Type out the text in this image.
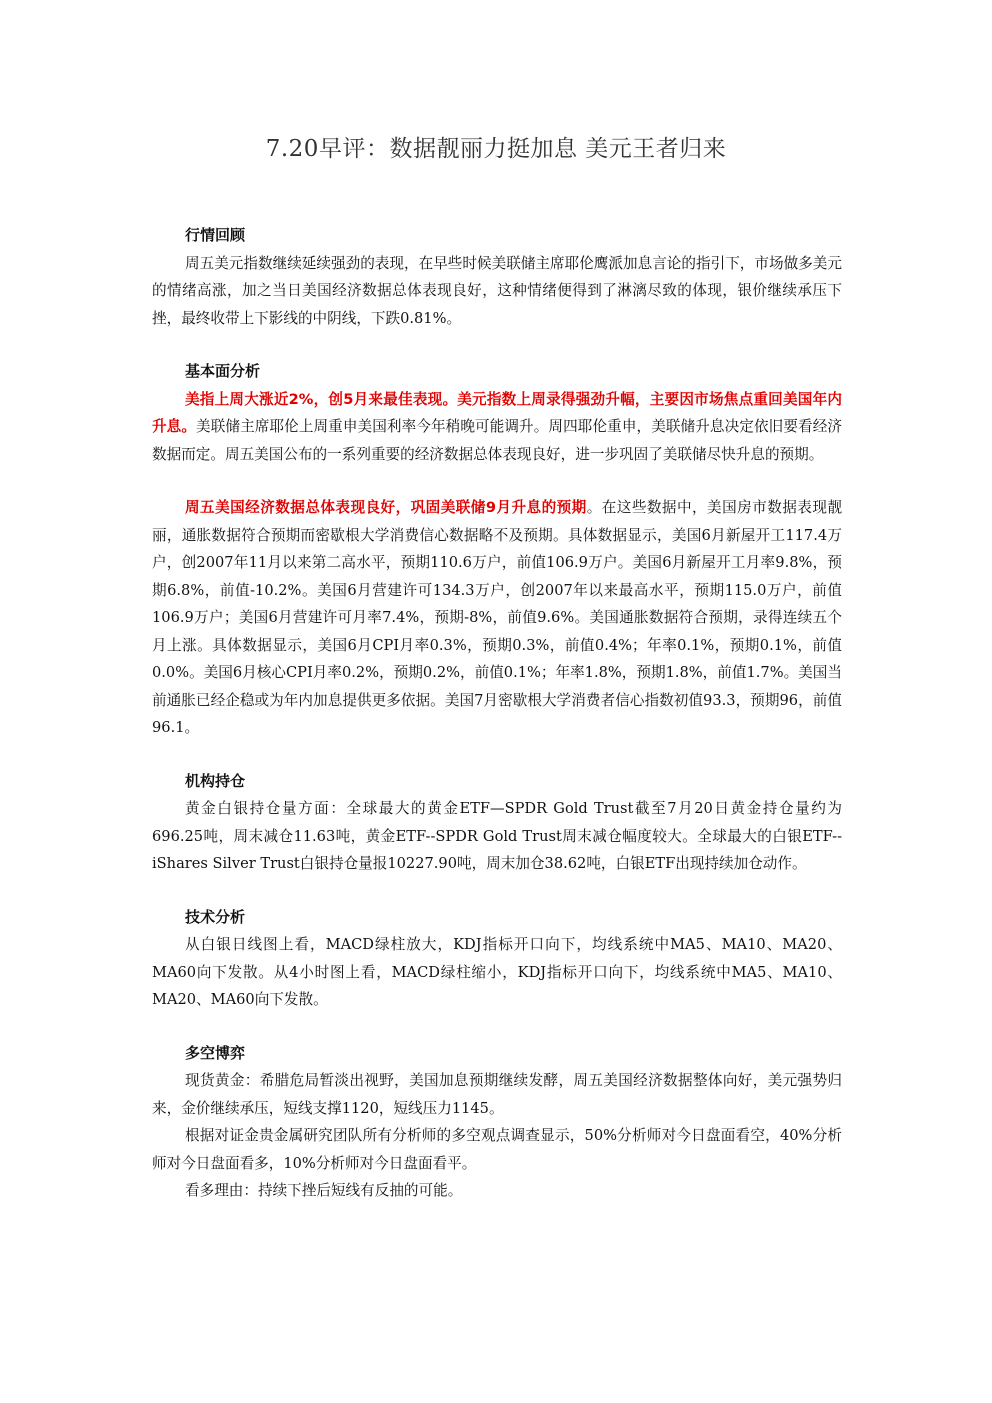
7.20早评：数据靓丽力挺加息 美元王者归来

行情回顾

周五美元指数继续延续强劲的表现，在早些时候美联储主席耶伦鹰派加息言论的指引下，市场做多美元的情绪高涨，加之当日美国经济数据总体表现良好，这种情绪便得到了淋漓尽致的体现，银价继续承压下挫，最终收带上下影线的中阴线，下跌0.81%。

基本面分析

美指上周大涨近2%，创5月来最佳表现。美元指数上周录得强劲升幅，主要因市场焦点重回美国年内升息。美联储主席耶伦上周重申美国利率今年稍晚可能调升。周四耶伦重申，美联储升息决定依旧要看经济数据而定。周五美国公布的一系列重要的经济数据总体表现良好，进一步巩固了美联储尽快升息的预期。

周五美国经济数据总体表现良好，巩固美联储9月升息的预期。在这些数据中，美国房市数据表现靓丽，通胀数据符合预期而密歇根大学消费信心数据略不及预期。具体数据显示，美国6月新屋开工117.4万户，创2007年11月以来第二高水平，预期110.6万户，前值106.9万户。美国6月新屋开工月率9.8%，预期6.8%，前值-10.2%。美国6月营建许可134.3万户，创2007年以来最高水平，预期115.0万户，前值106.9万户；美国6月营建许可月率7.4%，预期-8%，前值9.6%。美国通胀数据符合预期，录得连续五个月上涨。具体数据显示，美国6月CPI月率0.3%，预期0.3%，前值0.4%；年率0.1%，预期0.1%，前值0.0%。美国6月核心CPI月率0.2%，预期0.2%，前值0.1%；年率1.8%，预期1.8%，前值1.7%。美国当前通胀已经企稳或为年内加息提供更多依据。美国7月密歇根大学消费者信心指数初值93.3，预期96，前值96.1。

机构持仓

黄金白银持仓量方面：全球最大的黄金ETF—SPDR Gold Trust截至7月20日黄金持仓量约为696.25吨，周末减仓11.63吨，黄金ETF--SPDR Gold Trust周末减仓幅度较大。全球最大的白银ETF--iShares Silver Trust白银持仓量报10227.90吨，周末加仓38.62吨，白银ETF出现持续加仓动作。

技术分析

从白银日线图上看，MACD绿柱放大，KDJ指标开口向下，均线系统中MA5、MA10、MA20、MA60向下发散。从4小时图上看，MACD绿柱缩小，KDJ指标开口向下，均线系统中MA5、MA10、MA20、MA60向下发散。

多空博弈

现货黄金：希腊危局暂淡出视野，美国加息预期继续发酵，周五美国经济数据整体向好，美元强势归来，金价继续承压，短线支撑1120，短线压力1145。

根据对证金贵金属研究团队所有分析师的多空观点调查显示，50%分析师对今日盘面看空，40%分析师对今日盘面看多，10%分析师对今日盘面看平。

看多理由：持续下挫后短线有反抽的可能。
